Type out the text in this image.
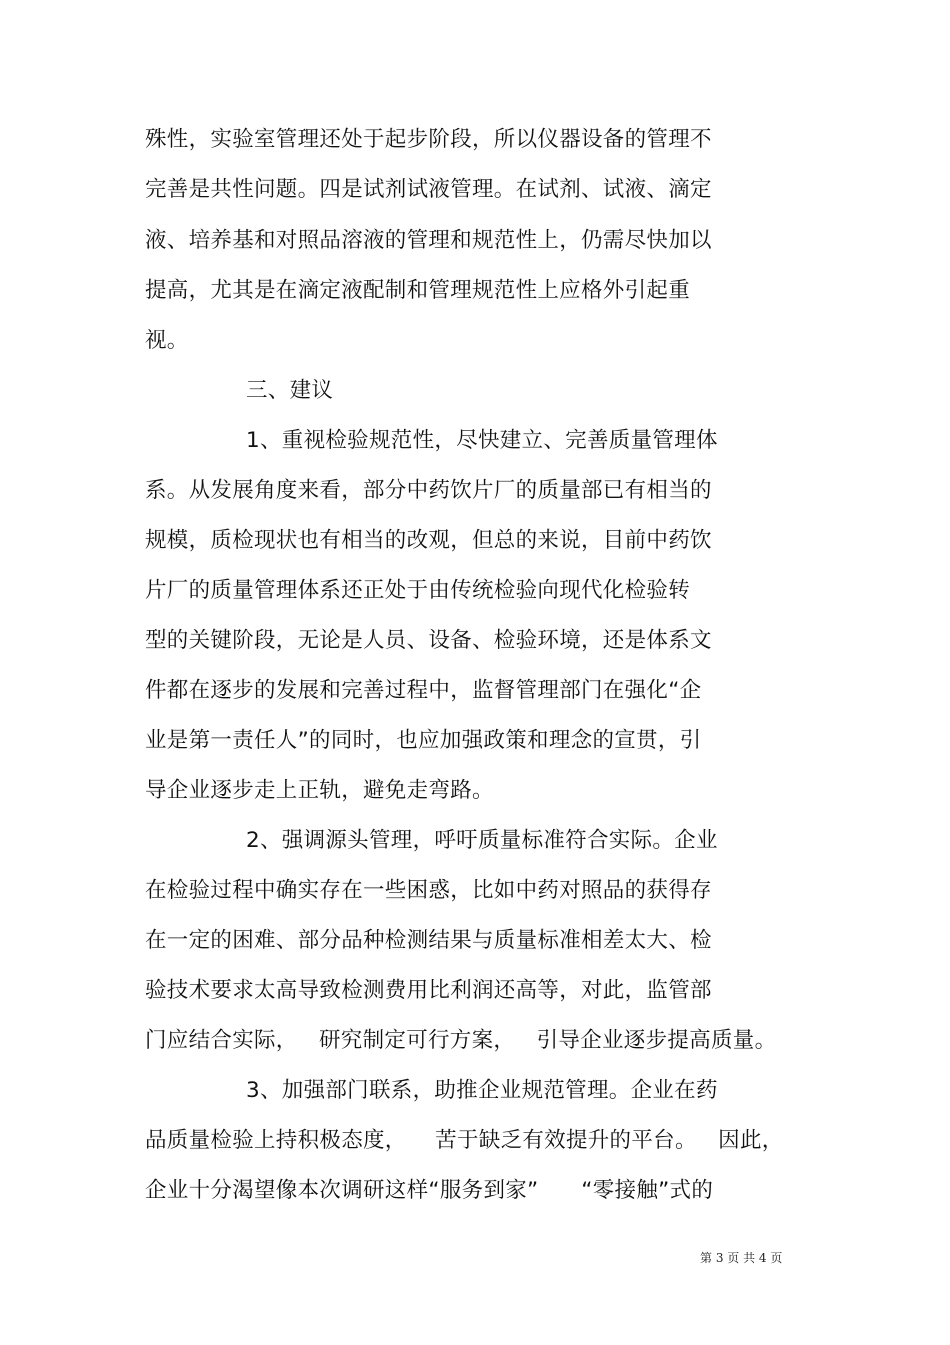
殊性，实验室管理还处于起步阶段，所以仪器设备的管理不
完善是共性问题。四是试剂试液管理。在试剂、试液、滴定
液、培养基和对照品溶液的管理和规范性上，仍需尽快加以
提高，尤其是在滴定液配制和管理规范性上应格外引起重
视。
三、建议
1、重视检验规范性，尽快建立、完善质量管理体
系。从发展角度来看，部分中药饮片厂的质量部已有相当的
规模，质检现状也有相当的改观，但总的来说，目前中药饮
片厂的质量管理体系还正处于由传统检验向现代化检验转
型的关键阶段，无论是人员、设备、检验环境，还是体系文
件都在逐步的发展和完善过程中，监督管理部门在强化“企
业是第一责任人”的同时，也应加强政策和理念的宣贯，引
导企业逐步走上正轨，避免走弯路。
2、强调源头管理，呼吁质量标准符合实际。企业
在检验过程中确实存在一些困惑，比如中药对照品的获得存
在一定的困难、部分品种检测结果与质量标准相差太大、检
验技术要求太高导致检测费用比利润还高等，对此，监管部
门应结合实际，   研究制定可行方案，   引导企业逐步提高质量。
3、加强部门联系，助推企业规范管理。企业在药
品质量检验上持积极态度，    苦于缺乏有效提升的平台。   因此，
企业十分渴望像本次调研这样“服务到家”      “零接触”式的
第 3 页 共 4 页
